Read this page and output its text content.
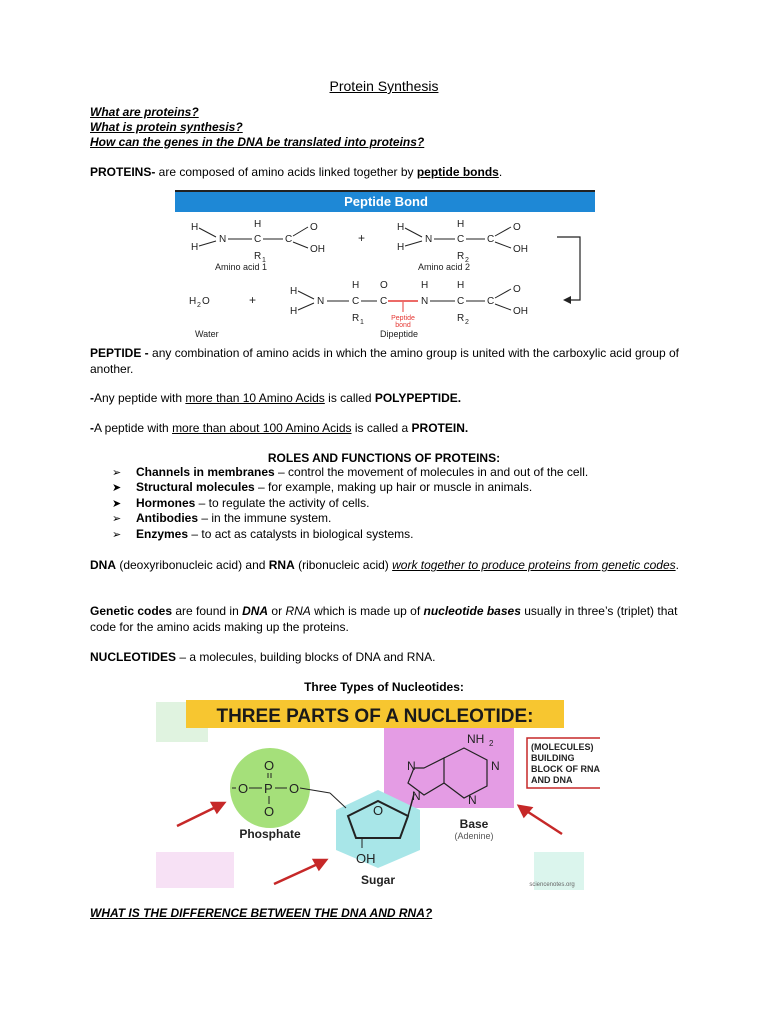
Protein Synthesis
What are proteins?
What is protein synthesis?
How can the genes in the DNA be translated into proteins?
PROTEINS- are composed of amino acids linked together by peptide bonds.
Peptide Bond
H
H
N
H
C
R 1
C
O
OH
Amino acid 1
+
H
H
N
H
C
R 2
C
O
OH
Amino acid 2
H 2 O	+
Water
H
H
N
H
C
R 1
O
C
H
N
H
C
R 2
C
O
OH
Peptide
bond
Dipeptide
PEPTIDE - any combination of amino acids in which the amino group is united with the carboxylic acid group of another.
-Any peptide with more than 10 Amino Acids is called POLYPEPTIDE.
-A peptide with more than about 100 Amino Acids is called a PROTEIN.
ROLES AND FUNCTIONS OF PROTEINS:
➢ Channels in membranes – control the movement of molecules in and out of the cell.
➤ Structural molecules – for example, making up hair or muscle in animals.
➤ Hormones – to regulate the activity of cells.
➢ Antibodies – in the immune system.
➢ Enzymes – to act as catalysts in biological systems.
DNA (deoxyribonucleic acid) and RNA (ribonucleic acid) work together to produce proteins from genetic codes.
Genetic codes are found in DNA or RNA which is made up of nucleotide bases usually in three’s (triplet) that code for the amino acids making up the proteins.
NUCLEOTIDES – a molecules, building blocks of DNA and RNA.
Three Types of Nucleotides:
THREE PARTS OF A NUCLEOTIDE:
O P
O
O
O
Phosphate
O
OH
Sugar
NH 2
N
N
N
N
Base
(Adenine)
(MOLECULES)
BUILDING
BLOCK OF RNA
AND DNA
sciencenotes.org
WHAT IS THE DIFFERENCE BETWEEN THE DNA AND RNA?
